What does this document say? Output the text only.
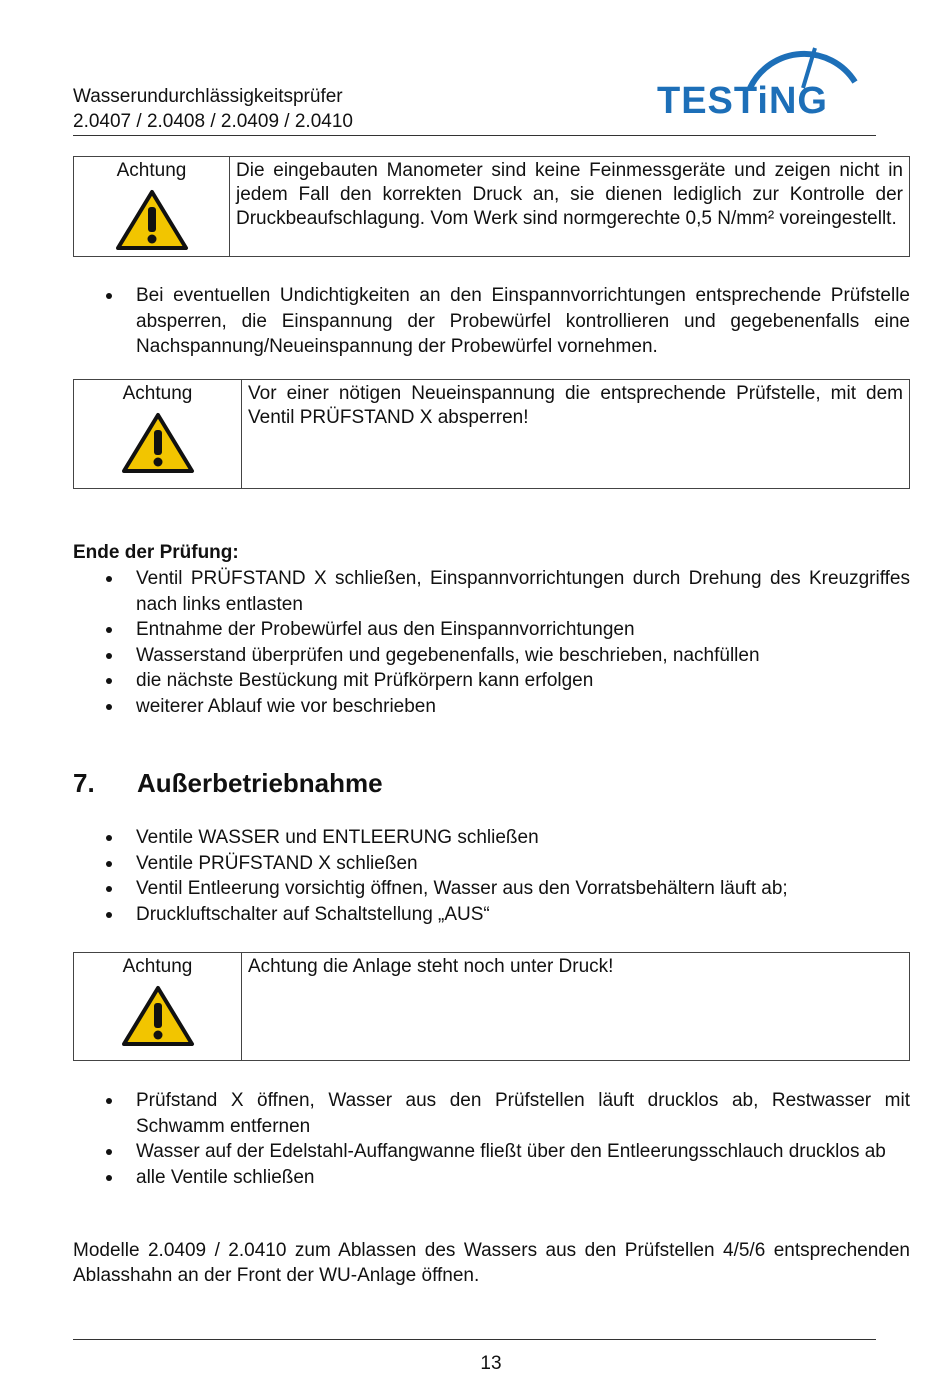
Wasserundurchlässigkeitsprüfer
2.0407 / 2.0408 / 2.0409 / 2.0410	TESTiNG
Achtung	Die eingebauten Manometer sind keine Feinmessgeräte und zeigen nicht in jedem Fall den korrekten Druck an, sie dienen lediglich zur Kontrolle der Druckbeaufschlagung. Vom Werk sind normgerechte 0,5 N/mm² voreingestellt.
Bei eventuellen Undichtigkeiten an den Einspannvorrichtungen entsprechende Prüfstelle absperren, die Einspannung der Probewürfel kontrollieren und gegebenenfalls eine Nachspannung/Neueinspannung der Probewürfel vornehmen.
Achtung	Vor einer nötigen Neueinspannung die entsprechende Prüfstelle, mit dem Ventil PRÜFSTAND X absperren!
Ende der Prüfung:
Ventil PRÜFSTAND X schließen, Einspannvorrichtungen durch Drehung des Kreuzgriffes nach links entlasten
Entnahme der Probewürfel aus den Einspannvorrichtungen
Wasserstand überprüfen und gegebenenfalls, wie beschrieben, nachfüllen
die nächste Bestückung mit Prüfkörpern kann erfolgen
weiterer Ablauf wie vor beschrieben
7. Außerbetriebnahme
Ventile WASSER und ENTLEERUNG schließen
Ventile PRÜFSTAND X schließen
Ventil Entleerung vorsichtig öffnen, Wasser aus den Vorratsbehältern läuft ab;
Druckluftschalter auf Schaltstellung „AUS“
Achtung	Achtung die Anlage steht noch unter Druck!
Prüfstand X öffnen, Wasser aus den Prüfstellen läuft drucklos ab, Restwasser mit Schwamm entfernen
Wasser auf der Edelstahl-Auffangwanne fließt über den Entleerungsschlauch drucklos ab
alle Ventile schließen
Modelle 2.0409 / 2.0410 zum Ablassen des Wassers aus den Prüfstellen 4/5/6 entsprechenden Ablasshahn an der Front der WU-Anlage öffnen.
13
